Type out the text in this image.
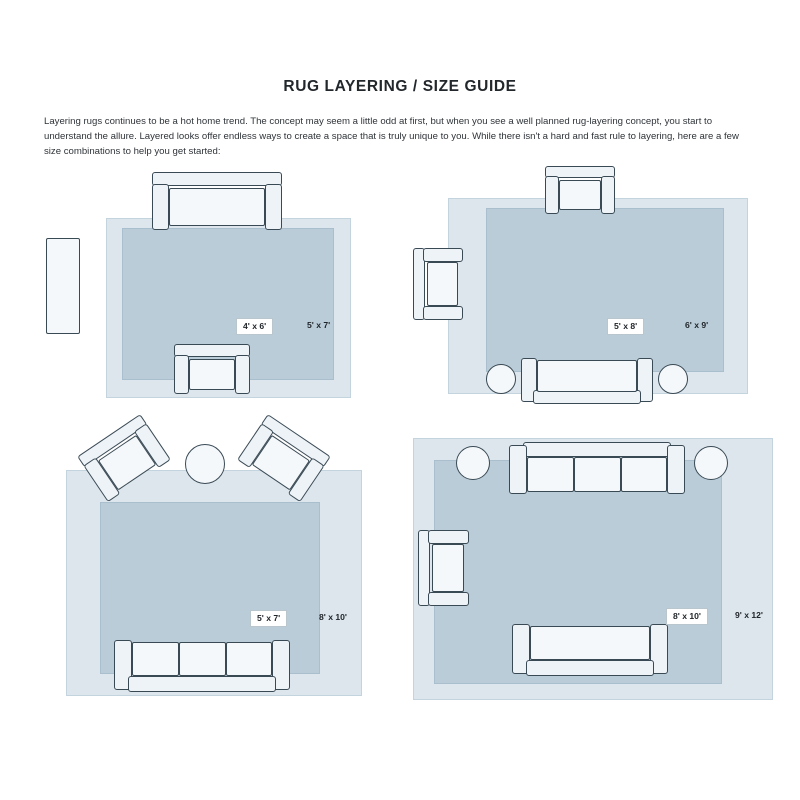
RUG LAYERING / SIZE GUIDE
Layering rugs continues to be a hot home trend. The concept may seem a little odd at first, but when you see a well planned rug-layering concept, you start to understand the allure. Layered looks offer endless ways to create a space that is truly unique to you. While there isn't a hard and fast rule to layering, here are a few size combinations to help you get started:
4' x 6'	5' x 7'	5' x 8'	6' x 9'
5' x 7'	8' x 10'	8' x 10'	9' x 12'
